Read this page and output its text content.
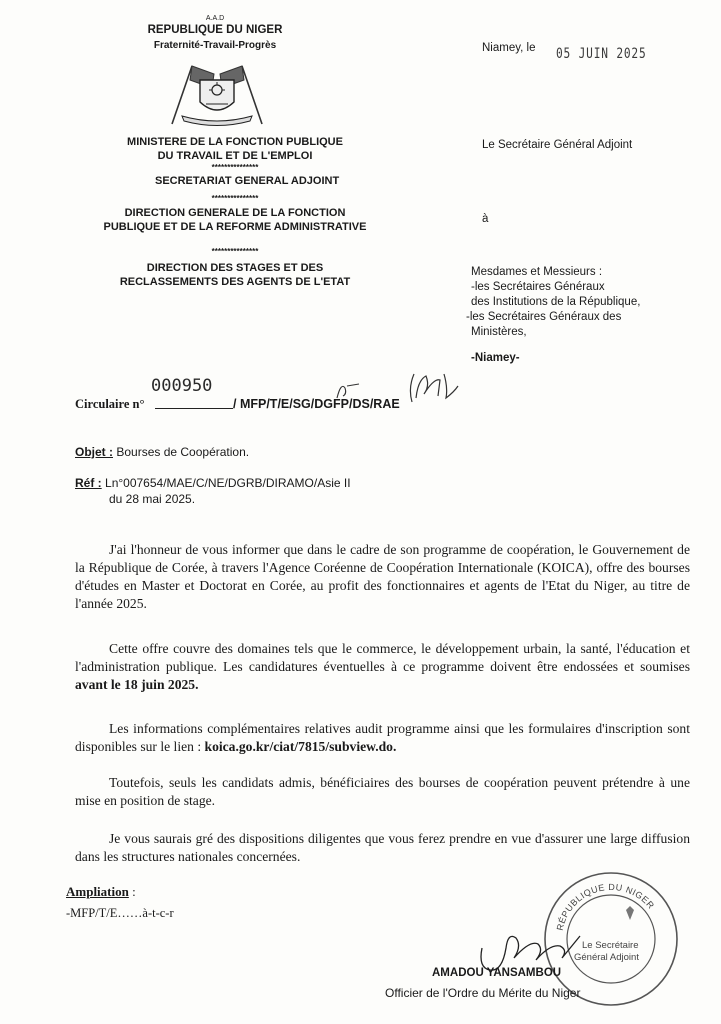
A.A.D
REPUBLIQUE DU NIGER
Fraternité-Travail-Progrès
MINISTERE DE LA FONCTION PUBLIQUE
DU TRAVAIL ET DE L'EMPLOI
***************
SECRETARIAT GENERAL ADJOINT
***************
DIRECTION GENERALE DE LA FONCTION
PUBLIQUE ET DE LA REFORME ADMINISTRATIVE
***************
DIRECTION DES STAGES ET DES
RECLASSEMENTS DES AGENTS DE L'ETAT
Niamey, le 05 JUIN 2025
Le Secrétaire Général Adjoint
à
Mesdames et Messieurs :
-les Secrétaires Généraux
des Institutions de la République,
-les Secrétaires Généraux des
Ministères,
-Niamey-
Circulaire n°
000950
/ MFP/T/E/SG/DGFP/DS/RAE
Objet : Bourses de Coopération.
Réf : Ln°007654/MAE/C/NE/DGRB/DIRAMO/Asie II
du 28 mai 2025.
J'ai l'honneur de vous informer que dans le cadre de son programme de coopération, le Gouvernement de la République de Corée, à travers l'Agence Coréenne de Coopération Internationale (KOICA), offre des bourses d'études en Master et Doctorat en Corée, au profit des fonctionnaires et agents de l'Etat du Niger, au titre de l'année 2025.
Cette offre couvre des domaines tels que le commerce, le développement urbain, la santé, l'éducation et l'administration publique. Les candidatures éventuelles à ce programme doivent être endossées et soumises avant le 18 juin 2025.
Les informations complémentaires relatives audit programme ainsi que les formulaires d'inscription sont disponibles sur le lien : koica.go.kr/ciat/7815/subview.do.
Toutefois, seuls les candidats admis, bénéficiaires des bourses de coopération peuvent prétendre à une mise en position de stage.
Je vous saurais gré des dispositions diligentes que vous ferez prendre en vue d'assurer une large diffusion dans les structures nationales concernées.
Ampliation :
-MFP/T/E……à-t-c-r
RÉPUBLIQUE DU NIGER
Le Secrétaire
Général Adjoint
AMADOU YANSAMBOU
Officier de l'Ordre du Mérite du Niger
